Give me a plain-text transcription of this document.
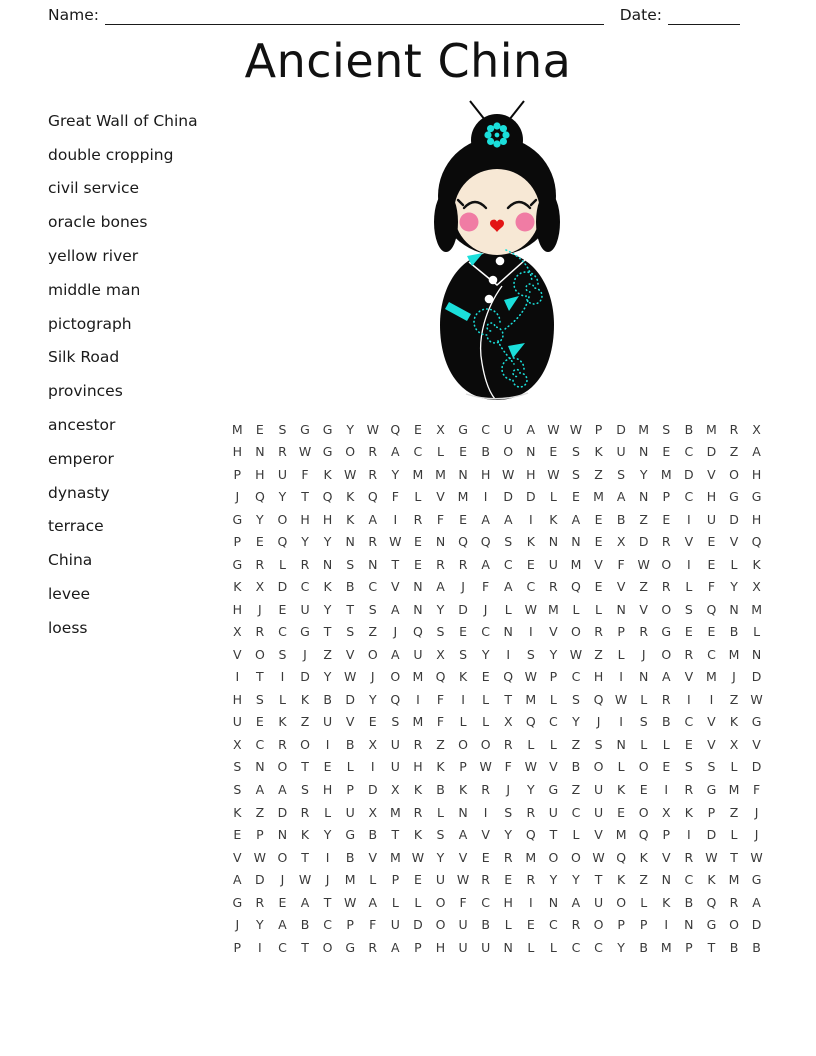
Name:	Date:
Ancient China
Great Wall of China
double cropping
civil service
oracle bones
yellow river
middle man
pictograph
Silk Road
provinces
ancestor
emperor
dynasty
terrace
China
levee
loess
M	E	S	G	G	Y	W Q	E	X	G	C	U	A W W	P	D M	S	B	M	R	X
H	N	R W G	O	R	A	C	L	E	B	O	N	E	S	K	U	N	E	C	D	Z	A
P	H	U	F	K W R	Y	M M	N	H W H W S	Z	S	Y	M D	V	O	H
J	Q	Y	T	Q	K	Q	F	L	V	M	I	D	D	L	E	M	A	N	P	C	H	G	G
G	Y	O	H	H	K	A	I	R	F	E	A	A	I	K	A	E	B	Z	E	I	U	D	H
P	E	Q	Y	Y	N	R W E	N	Q	Q	S	K	N	N	E	X	D	R	V	E	V	Q
G	R	L	R	N	S	N	T	E	R	R	A	C	E	U	M	V	F	W O	I	E	L	K
K	X	D	C	K	B	C	V	N	A	J	F	A	C	R	Q	E	V	Z	R	L	F	Y	X
H	J	E	U	Y	T	S	A	N	Y	D	J	L	W M	L	L	N	V	O	S	Q	N	M
X	R	C	G	T	S	Z	J	Q	S	E	C	N	I	V	O	R	P	R	G	E	E	B	L
V	O	S	J	Z	V	O	A	U	X	S	Y	I	S	Y	W Z	L	J	O	R	C	M	N
I	T	I	D	Y	W	J	O M Q	K	E	Q W	P	C	H	I	N	A	V	M	J	D
H	S	L	K	B	D	Y	Q	I	F	I	L	T	M	L	S	Q W	L	R	I	I	Z W
U	E	K	Z	U	V	E	S	M	F	L	L	X	Q	C	Y	J	I	S	B	C	V	K	G
X	C	R	O	I	B	X	U	R	Z	O	O	R	L	L	Z	S	N	L	L	E	V	X	V
S	N	O	T	E	L	I	U	H	K	P	W	F	W V	B	O	L	O	E	S	S	L	D
S	A	A	S	H	P	D	X	K	B	K	R	J	Y	G	Z	U	K	E	I	R	G M	F
K	Z	D	R	L	U	X	M	R	L	N	I	S	R	U	C	U	E	O	X	K	P	Z	J
E	P	N	K	Y	G	B	T	K	S	A	V	Y	Q	T	L	V	M Q	P	I	D	L	J
V W O	T	I	B	V	M W	Y	V	E	R	M O	O W Q	K	V	R W	T	W
A	D	J	W	J	M	L	P	E	U W R	E	R	Y	Y	T	K	Z	N	C	K	M G
G	R	E	A	T	W A	L	L	O	F	C	H	I	N	A	U	O	L	K	B	Q	R	A
J	Y	A	B	C	P	F	U	D	O	U	B	L	E	C	R	O	P	P	I	N	G	O	D
P	I	C	T	O	G	R	A	P	H	U	U	N	L	L	C	C	Y	B	M	P	T	B	B
